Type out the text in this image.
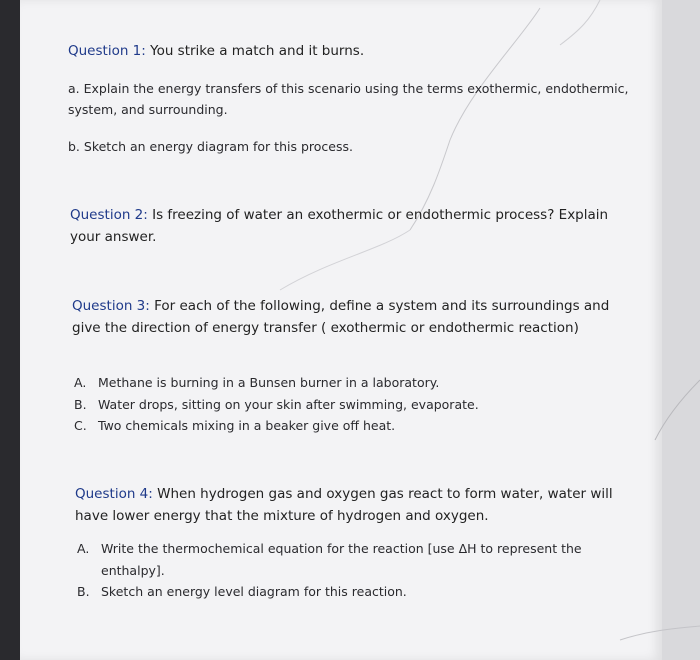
Question 1: You strike a match and it burns.
a. Explain the energy transfers of this scenario using the terms exothermic, endothermic, system, and surrounding.
b. Sketch an energy diagram for this process.
Question 2: Is freezing of water an exothermic or endothermic process? Explain your answer.
Question 3: For each of the following, define a system and its surroundings and give the direction of energy transfer ( exothermic or endothermic reaction)
A. Methane is burning in a Bunsen burner in a laboratory.
B. Water drops, sitting on your skin after swimming, evaporate.
C. Two chemicals mixing in a beaker give off heat.
Question 4: When hydrogen gas and oxygen gas react to form water, water will have lower energy that the mixture of hydrogen and oxygen.
A. Write the thermochemical equation for the reaction [use ΔH to represent the enthalpy].
B. Sketch an energy level diagram for this reaction.
